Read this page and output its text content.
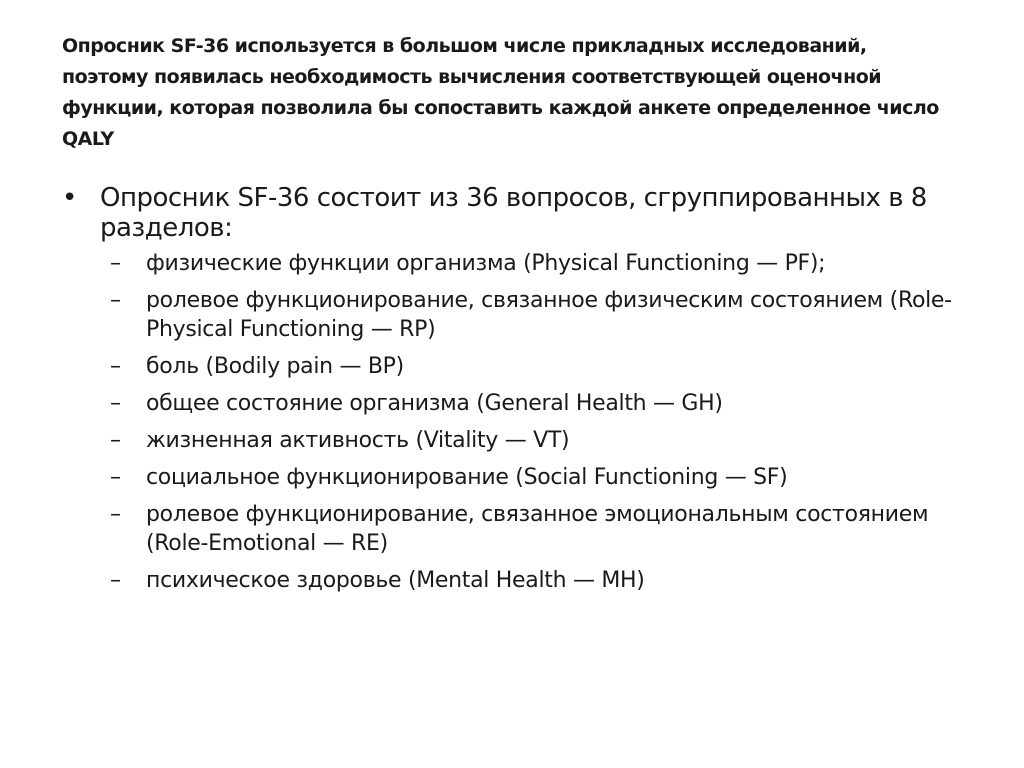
Опросник SF-36 используется в большом числе прикладных исследований, поэтому появилась необходимость вычисления соответствующей оценочной функции, которая позволила бы сопоставить каждой анкете определенное число QALY

• Опросник SF-36 состоит из 36 вопросов, сгруппированных в 8 разделов:
– физические функции организма (Physical Functioning — PF);
– ролевое функционирование, связанное физическим состоянием (Role-Physical Functioning — RP)
– боль (Bodily pain — BP)
– общее состояние организма (General Health — GH)
– жизненная активность (Vitality — VT)
– социальное функционирование (Social Functioning — SF)
– ролевое функционирование, связанное эмоциональным состоянием (Role-Emotional — RE)
– психическое здоровье (Mental Health — MH)
